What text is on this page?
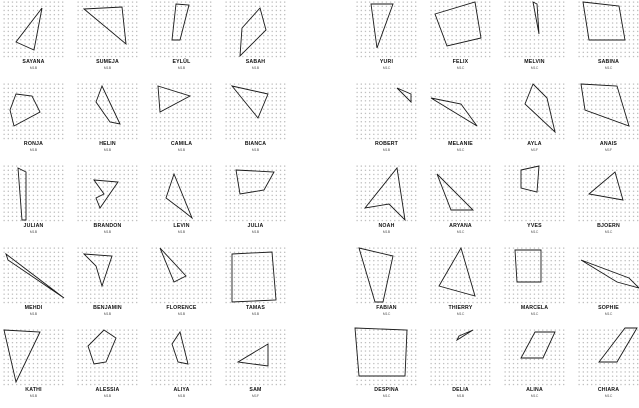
SAYANA
M1B
SUMEJA
M1B
EYLÜL
M1B
SABAH
M1B
RONJA
M1B
HELIN
M1B
CAMILA
M1B
BIANCA
M1B
JULIAN
M1B
BRANDON
M1B
LEVIN
M1B
JULIA
M1B
MEHDI
M1B
BENJAMIN
M1B
FLORENCE
M1B
TAMAS
M1B
KATHI
M1B
ALESSIA
M1B
ALIYA
M1B
SAM
M1F
YURI
M1C
FELIX
M1C
MELVIN
M1C
SABINA
M1C
ROBERT
M1B
MELANIE
M1C
AYLA
M1F
ANAIS
M1F
NOAH
M1B
ARYANA
M1C
YVES
M1C
BJOERN
M1C
FABIAN
M1C
THIERRY
M1C
MARCELA
M1C
SOPHIE
M1C
DESPINA
M1C
DELIA
M1B
ALINA
M1C
CHIARA
M1C
